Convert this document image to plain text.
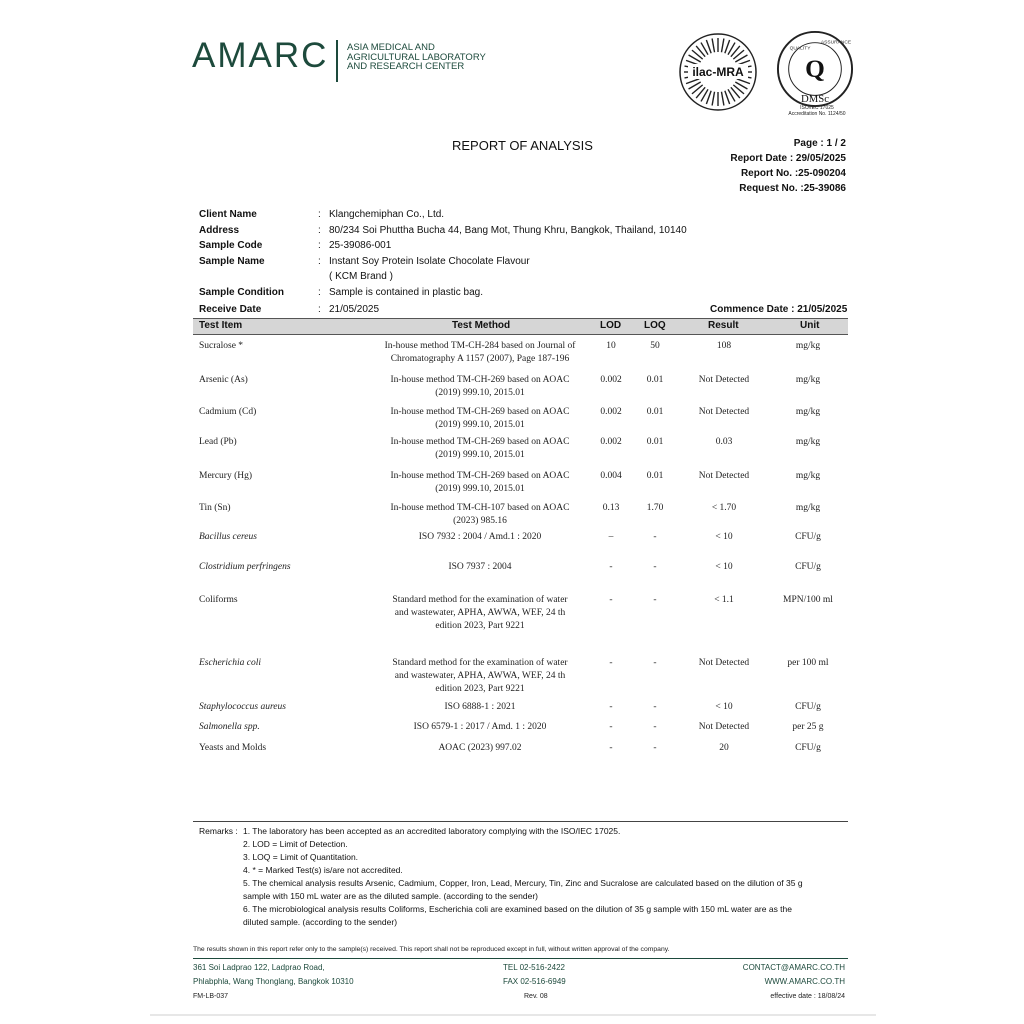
AMARC ASIA MEDICAL AND
AGRICULTURAL LABORATORY
AND RESEARCH CENTER	ilac-MRA Q
DMSc
QUALITY
ASSURANCE
ISO/IEC 17025
Accreditation No. 1124/50
REPORT OF ANALYSIS	Page : 1 / 2
Report Date : 29/05/2025
Report No. :25-090204
Request No. :25-39086
Client Name	: Klangchemiphan Co., Ltd.
Address	: 80/234 Soi Phuttha Bucha 44, Bang Mot, Thung Khru, Bangkok, Thailand, 10140
Sample Code	: 25-39086-001
Sample Name	: Instant Soy Protein Isolate Chocolate Flavour
( KCM Brand )
Sample Condition	: Sample is contained in plastic bag.
Receive Date	: 21/05/2025	Commence Date : 21/05/2025
Test Item	Test Method	LOD LOQ	Result	Unit
Sucralose *	In-house method TM-CH-284 based on Journal of
Chromatography A 1157 (2007), Page 187-196
10	50	108	mg/kg
Arsenic (As)	In-house method TM-CH-269 based on AOAC
(2019) 999.10, 2015.01
0.002	0.01	Not Detected	mg/kg
Cadmium (Cd)	In-house method TM-CH-269 based on AOAC
(2019) 999.10, 2015.01
0.002	0.01	Not Detected	mg/kg
Lead (Pb)	In-house method TM-CH-269 based on AOAC
(2019) 999.10, 2015.01
0.002	0.01	0.03	mg/kg
Mercury (Hg)	In-house method TM-CH-269 based on AOAC
(2019) 999.10, 2015.01
0.004	0.01	Not Detected	mg/kg
Tin (Sn)	In-house method TM-CH-107 based on AOAC
(2023) 985.16
0.13	1.70	< 1.70	mg/kg
Bacillus cereus	ISO 7932 : 2004 / Amd.1 : 2020	–	-	< 10	CFU/g
Clostridium perfringens	ISO 7937 : 2004	-	-	< 10	CFU/g
Coliforms	Standard method for the examination of water
and wastewater, APHA, AWWA, WEF, 24 th
edition 2023, Part 9221
-	-	< 1.1	MPN/100 ml
Escherichia coli	Standard method for the examination of water
and wastewater, APHA, AWWA, WEF, 24 th
edition 2023, Part 9221
-	-	Not Detected	per 100 ml
Staphylococcus aureus	ISO 6888-1 : 2021	-	-	< 10	CFU/g
Salmonella spp.	ISO 6579-1 : 2017 / Amd. 1 : 2020	-	-	Not Detected	per 25 g
Yeasts and Molds	AOAC (2023) 997.02	-	-	20	CFU/g
Remarks : 1. The laboratory has been accepted as an accredited laboratory complying with the ISO/IEC 17025.
2. LOD = Limit of Detection.
3. LOQ = Limit of Quantitation.
4. * = Marked Test(s) is/are not accredited.
5. The chemical analysis results Arsenic, Cadmium, Copper, Iron, Lead, Mercury, Tin, Zinc and Sucralose are calculated based on the dilution of 35 g
sample with 150 mL water are as the diluted sample. (according to the sender)
6. The microbiological analysis results Coliforms, Escherichia coli are examined based on the dilution of 35 g sample with 150 mL water are as the
diluted sample. (according to the sender)
The results shown in this report refer only to the sample(s) received. This report shall not be reproduced except in full, without written approval of the company.
361 Soi Ladprao 122, Ladprao Road,
Phlabphla, Wang Thonglang, Bangkok 10310
TEL 02-516-2422
FAX 02-516-6949
CONTACT@AMARC.CO.TH
WWW.AMARC.CO.TH
FM-LB-037	Rev. 08	effective date : 18/08/24
